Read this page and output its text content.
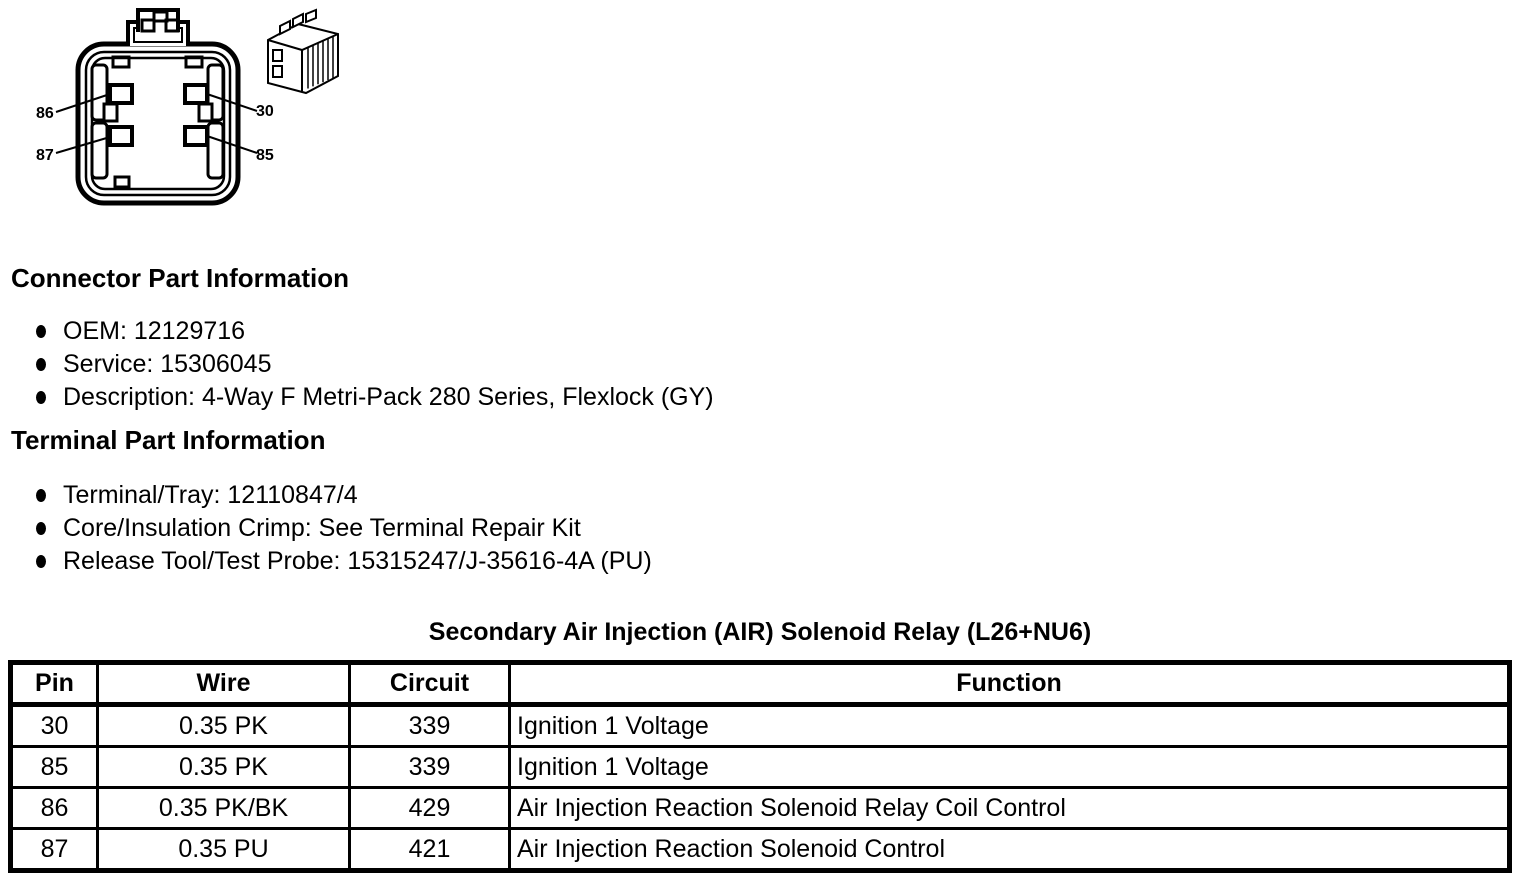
86
87
30
85
Connector Part Information
OEM: 12129716
Service: 15306045
Description: 4-Way F Metri-Pack 280 Series, Flexlock (GY)
Terminal Part Information
Terminal/Tray: 12110847/4
Core/Insulation Crimp: See Terminal Repair Kit
Release Tool/Test Probe: 15315247/J-35616-4A (PU)
Secondary Air Injection (AIR) Solenoid Relay (L26+NU6)
Pin	Wire	Circuit	Function
30	0.35 PK	339	Ignition 1 Voltage
85	0.35 PK	339	Ignition 1 Voltage
86	0.35 PK/BK	429	Air Injection Reaction Solenoid Relay Coil Control
87	0.35 PU	421	Air Injection Reaction Solenoid Control
